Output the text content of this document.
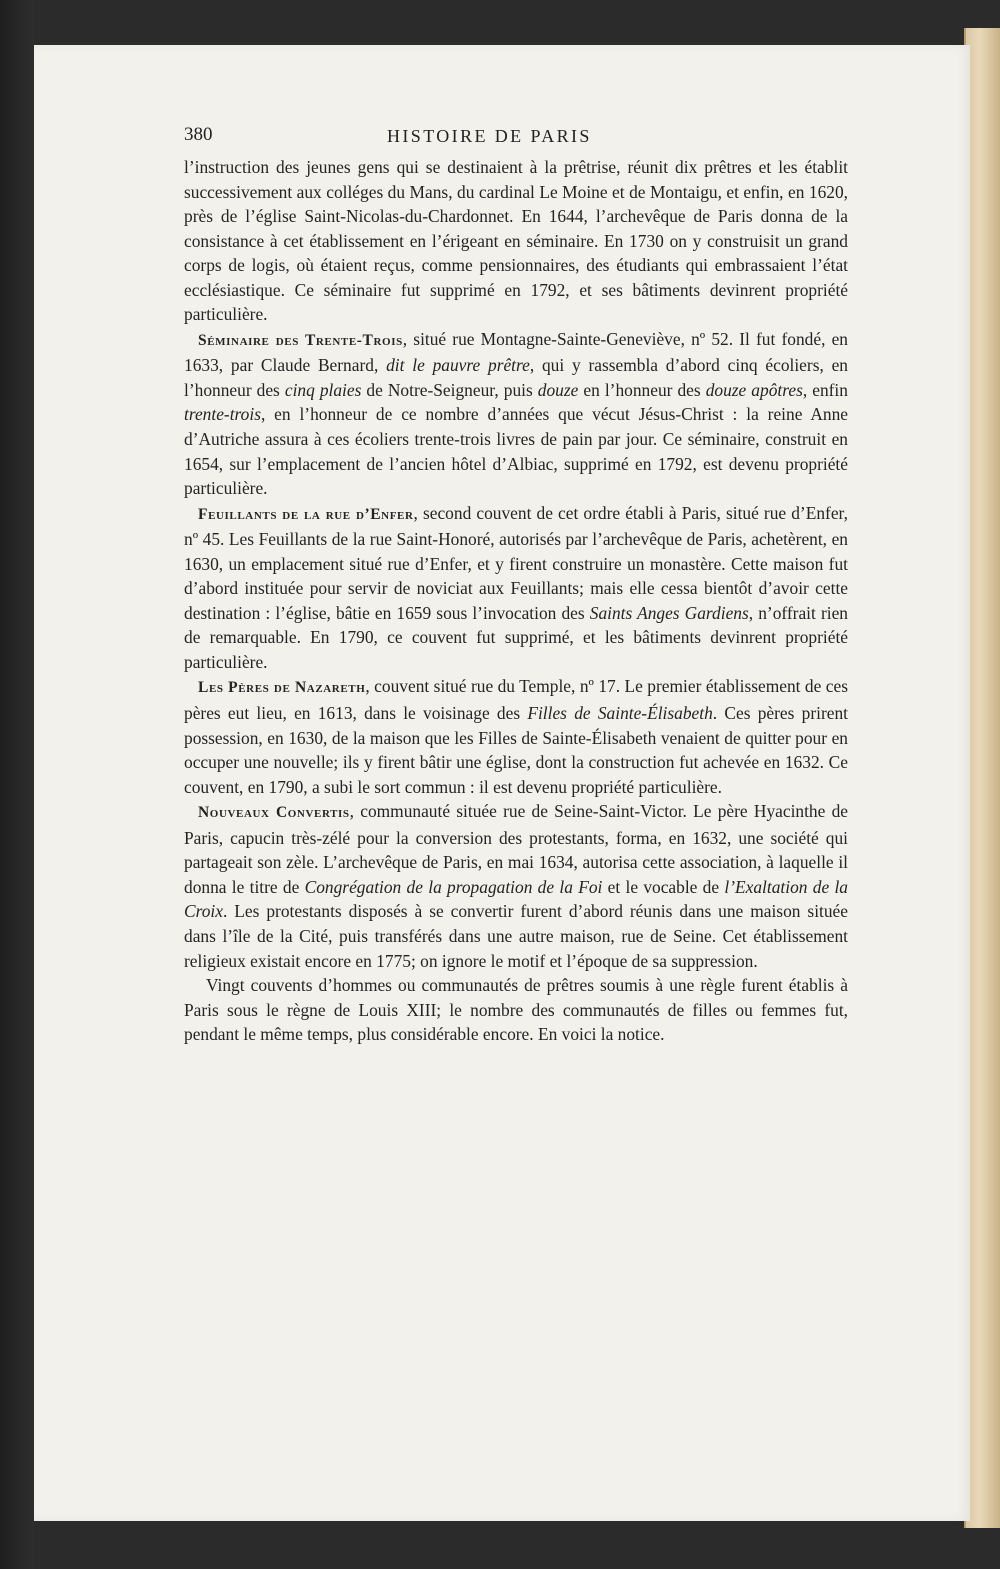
380	HISTOIRE DE PARIS

l’instruction des jeunes gens qui se destinaient à la prêtrise, réunit dix prêtres et les établit successivement aux colléges du Mans, du cardinal Le Moine et de Montaigu, et enfin, en 1620, près de l’église Saint-Nicolas-du-Chardonnet. En 1644, l’archevêque de Paris donna de la consistance à cet établissement en l’érigeant en séminaire. En 1730 on y construisit un grand corps de logis, où étaient reçus, comme pensionnaires, des étudiants qui embrassaient l’état ecclésiastique. Ce séminaire fut supprimé en 1792, et ses bâtiments devinrent propriété particulière.

Séminaire des Trente-Trois, situé rue Montagne-Sainte-Geneviève, nº 52. Il fut fondé, en 1633, par Claude Bernard, dit le pauvre prêtre, qui y rassembla d’abord cinq écoliers, en l’honneur des cinq plaies de Notre-Seigneur, puis douze en l’honneur des douze apôtres, enfin trente-trois, en l’honneur de ce nombre d’années que vécut Jésus-Christ : la reine Anne d’Autriche assura à ces écoliers trente-trois livres de pain par jour. Ce séminaire, construit en 1654, sur l’emplacement de l’ancien hôtel d’Albiac, supprimé en 1792, est devenu propriété particulière.

Feuillants de la rue d’Enfer, second couvent de cet ordre établi à Paris, situé rue d’Enfer, nº 45. Les Feuillants de la rue Saint-Honoré, autorisés par l’archevêque de Paris, achetèrent, en 1630, un emplacement situé rue d’Enfer, et y firent construire un monastère. Cette maison fut d’abord instituée pour servir de noviciat aux Feuillants; mais elle cessa bientôt d’avoir cette destination : l’église, bâtie en 1659 sous l’invocation des Saints Anges Gardiens, n’offrait rien de remarquable. En 1790, ce couvent fut supprimé, et les bâtiments devinrent propriété particulière.

Les Pères de Nazareth, couvent situé rue du Temple, nº 17. Le premier établissement de ces pères eut lieu, en 1613, dans le voisinage des Filles de Sainte-Élisabeth. Ces pères prirent possession, en 1630, de la maison que les Filles de Sainte-Élisabeth venaient de quitter pour en occuper une nouvelle; ils y firent bâtir une église, dont la construction fut achevée en 1632. Ce couvent, en 1790, a subi le sort commun : il est devenu propriété particulière.

Nouveaux Convertis, communauté située rue de Seine-Saint-Victor. Le père Hyacinthe de Paris, capucin très-zélé pour la conversion des protestants, forma, en 1632, une société qui partageait son zèle. L’archevêque de Paris, en mai 1634, autorisa cette association, à laquelle il donna le titre de Congrégation de la propagation de la Foi et le vocable de l’Exaltation de la Croix. Les protestants disposés à se convertir furent d’abord réunis dans une maison située dans l’île de la Cité, puis transférés dans une autre maison, rue de Seine. Cet établissement religieux existait encore en 1775; on ignore le motif et l’époque de sa suppression.

Vingt couvents d’hommes ou communautés de prêtres soumis à une règle furent établis à Paris sous le règne de Louis XIII; le nombre des communautés de filles ou femmes fut, pendant le même temps, plus considérable encore. En voici la notice.
